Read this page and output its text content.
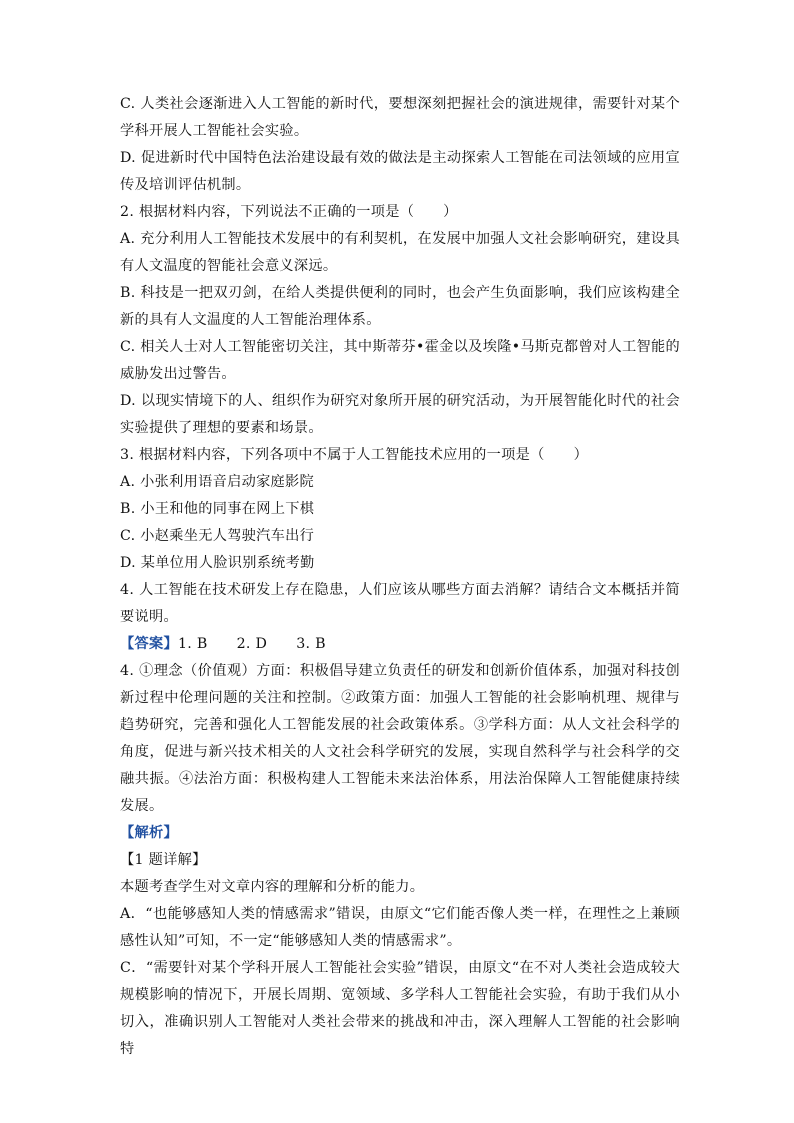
C. 人类社会逐渐进入人工智能的新时代，要想深刻把握社会的演进规律，需要针对某个学科开展人工智能社会实验。

D. 促进新时代中国特色法治建设最有效的做法是主动探索人工智能在司法领域的应用宣传及培训评估机制。

2. 根据材料内容，下列说法不正确的一项是（　　）

A. 充分利用人工智能技术发展中的有利契机，在发展中加强人文社会影响研究，建设具有人文温度的智能社会意义深远。

B. 科技是一把双刃剑，在给人类提供便利的同时，也会产生负面影响，我们应该构建全新的具有人文温度的人工智能治理体系。

C. 相关人士对人工智能密切关注，其中斯蒂芬•霍金以及埃隆•马斯克都曾对人工智能的威胁发出过警告。

D. 以现实情境下的人、组织作为研究对象所开展的研究活动，为开展智能化时代的社会实验提供了理想的要素和场景。

3. 根据材料内容，下列各项中不属于人工智能技术应用的一项是（　　）

A. 小张利用语音启动家庭影院

B. 小王和他的同事在网上下棋

C. 小赵乘坐无人驾驶汽车出行

D. 某单位用人脸识别系统考勤

4. 人工智能在技术研发上存在隐患，人们应该从哪些方面去消解？请结合文本概括并简要说明。

【答案】1. B　　2. D　　3. B

4. ①理念（价值观）方面：积极倡导建立负责任的研发和创新价值体系，加强对科技创新过程中伦理问题的关注和控制。②政策方面：加强人工智能的社会影响机理、规律与趋势研究，完善和强化人工智能发展的社会政策体系。③学科方面：从人文社会科学的角度，促进与新兴技术相关的人文社会科学研究的发展，实现自然科学与社会科学的交融共振。④法治方面：积极构建人工智能未来法治体系，用法治保障人工智能健康持续发展。

【解析】

【1 题详解】

本题考查学生对文章内容的理解和分析的能力。

A．“也能够感知人类的情感需求”错误，由原文“它们能否像人类一样，在理性之上兼顾感性认知”可知，不一定“能够感知人类的情感需求”。

C．“需要针对某个学科开展人工智能社会实验”错误，由原文“在不对人类社会造成较大规模影响的情况下，开展长周期、宽领域、多学科人工智能社会实验，有助于我们从小切入，准确识别人工智能对人类社会带来的挑战和冲击，深入理解人工智能的社会影响特
